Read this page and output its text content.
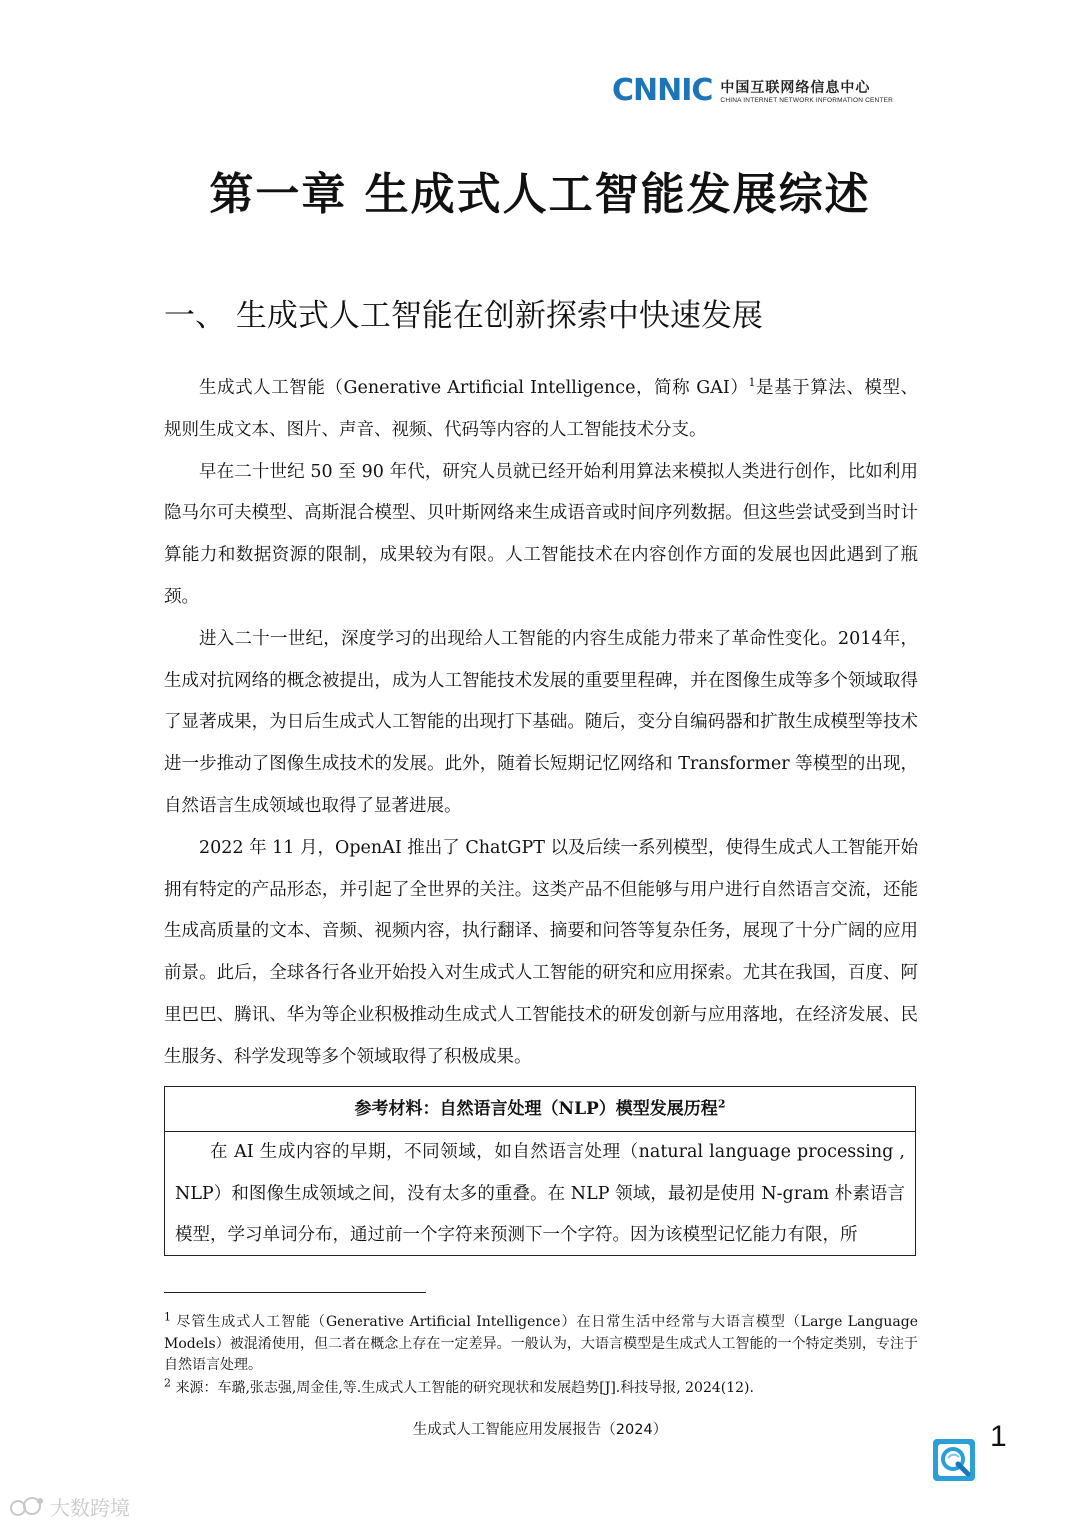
CNNIC 中国互联网络信息中心
CHINA INTERNET NETWORK INFORMATION CENTER
第一章 生成式人工智能发展综述
一、 生成式人工智能在创新探索中快速发展

生成式人工智能（Generative Artificial Intelligence，简称 GAI）$^1$是基于算法、模型、规则生成文本、图片、声音、视频、代码等内容的人工智能技术分支。

早在二十世纪 50 至 90 年代，研究人员就已经开始利用算法来模拟人类进行创作，比如利用隐马尔可夫模型、高斯混合模型、贝叶斯网络来生成语音或时间序列数据。但这些尝试受到当时计算能力和数据资源的限制，成果较为有限。人工智能技术在内容创作方面的发展也因此遇到了瓶颈。

进入二十一世纪，深度学习的出现给人工智能的内容生成能力带来了革命性变化。2014年，生成对抗网络的概念被提出，成为人工智能技术发展的重要里程碑，并在图像生成等多个领域取得了显著成果，为日后生成式人工智能的出现打下基础。随后，变分自编码器和扩散生成模型等技术进一步推动了图像生成技术的发展。此外，随着长短期记忆网络和 Transformer 等模型的出现，自然语言生成领域也取得了显著进展。

2022 年 11 月，OpenAI 推出了 ChatGPT 以及后续一系列模型，使得生成式人工智能开始拥有特定的产品形态，并引起了全世界的关注。这类产品不但能够与用户进行自然语言交流，还能生成高质量的文本、音频、视频内容，执行翻译、摘要和问答等复杂任务，展现了十分广阔的应用前景。此后，全球各行各业开始投入对生成式人工智能的研究和应用探索。尤其在我国，百度、阿里巴巴、腾讯、华为等企业积极推动生成式人工智能技术的研发创新与应用落地，在经济发展、民生服务、科学发现等多个领域取得了积极成果。

参考材料：自然语言处理（NLP）模型发展历程$^2$

在 AI 生成内容的早期，不同领域，如自然语言处理（natural language processing , NLP）和图像生成领域之间，没有太多的重叠。在 NLP 领域，最初是使用 N-gram 朴素语言模型，学习单词分布，通过前一个字符来预测下一个字符。因为该模型记忆能力有限，所

$^1$ 尽管生成式人工智能（Generative Artificial Intelligence）在日常生活中经常与大语言模型（Large Language Models）被混淆使用，但二者在概念上存在一定差异。一般认为，大语言模型是生成式人工智能的一个特定类别，专注于自然语言处理。

$^2$ 来源：车璐,张志强,周金佳,等.生成式人工智能的研究现状和发展趋势[J].科技导报, 2024(12).

生成式人工智能应用发展报告（2024）	1
大数跨境
